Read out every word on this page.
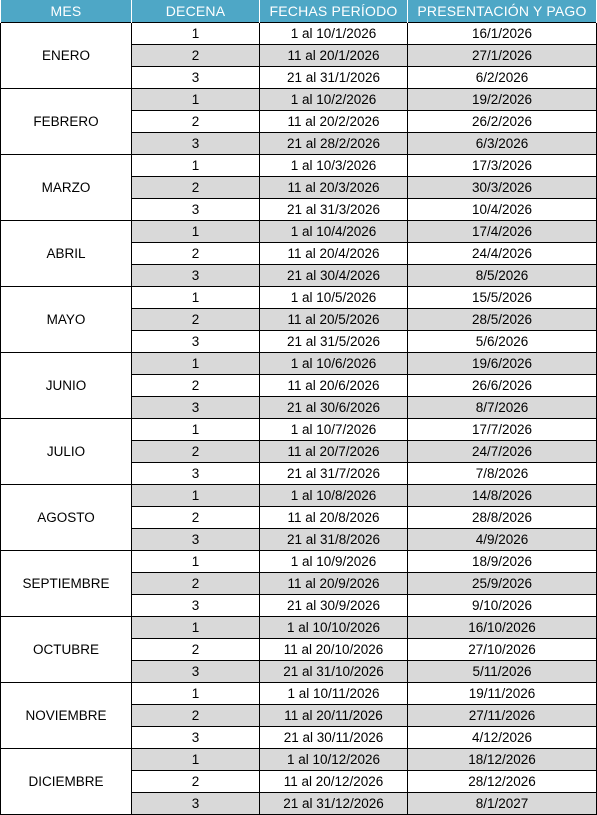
MES	DECENA	FECHAS PERÍODO	PRESENTACIÓN Y PAGO
ENERO	1	1 al 10/1/2026	16/1/2026
	2	11 al 20/1/2026	27/1/2026
	3	21 al 31/1/2026	6/2/2026
FEBRERO	1	1 al 10/2/2026	19/2/2026
	2	11 al 20/2/2026	26/2/2026
	3	21 al 28/2/2026	6/3/2026
MARZO	1	1 al 10/3/2026	17/3/2026
	2	11 al 20/3/2026	30/3/2026
	3	21 al 31/3/2026	10/4/2026
ABRIL	1	1 al 10/4/2026	17/4/2026
	2	11 al 20/4/2026	24/4/2026
	3	21 al 30/4/2026	8/5/2026
MAYO	1	1 al 10/5/2026	15/5/2026
	2	11 al 20/5/2026	28/5/2026
	3	21 al 31/5/2026	5/6/2026
JUNIO	1	1 al 10/6/2026	19/6/2026
	2	11 al 20/6/2026	26/6/2026
	3	21 al 30/6/2026	8/7/2026
JULIO	1	1 al 10/7/2026	17/7/2026
	2	11 al 20/7/2026	24/7/2026
	3	21 al 31/7/2026	7/8/2026
AGOSTO	1	1 al 10/8/2026	14/8/2026
	2	11 al 20/8/2026	28/8/2026
	3	21 al 31/8/2026	4/9/2026
SEPTIEMBRE	1	1 al 10/9/2026	18/9/2026
	2	11 al 20/9/2026	25/9/2026
	3	21 al 30/9/2026	9/10/2026
OCTUBRE	1	1 al 10/10/2026	16/10/2026
	2	11 al 20/10/2026	27/10/2026
	3	21 al 31/10/2026	5/11/2026
NOVIEMBRE	1	1 al 10/11/2026	19/11/2026
	2	11 al 20/11/2026	27/11/2026
	3	21 al 30/11/2026	4/12/2026
DICIEMBRE	1	1 al 10/12/2026	18/12/2026
	2	11 al 20/12/2026	28/12/2026
	3	21 al 31/12/2026	8/1/2027
